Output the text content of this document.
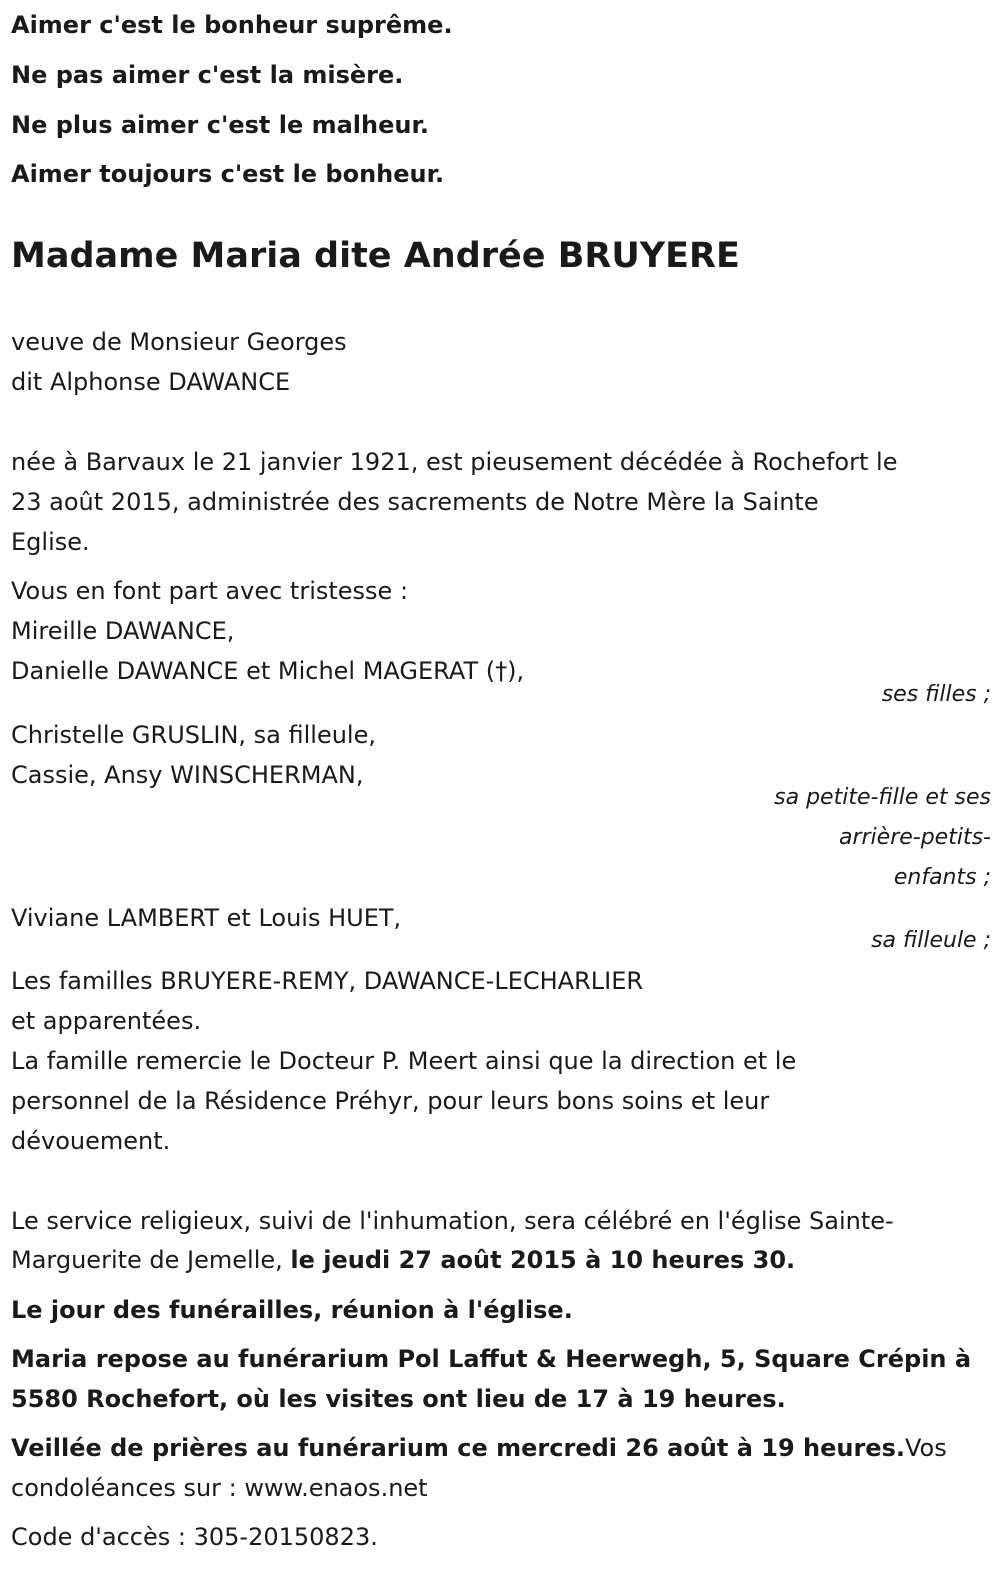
Aimer c'est le bonheur suprême.
Ne pas aimer c'est la misère.
Ne plus aimer c'est le malheur.
Aimer toujours c'est le bonheur.
Madame Maria dite Andrée BRUYERE
veuve de Monsieur Georges
dit Alphonse DAWANCE
née à Barvaux le 21 janvier 1921, est pieusement décédée à Rochefort le
23 août 2015, administrée des sacrements de Notre Mère la Sainte
Eglise.
Vous en font part avec tristesse :
Mireille DAWANCE,
Danielle DAWANCE et Michel MAGERAT (†),
ses filles ;
Christelle GRUSLIN, sa filleule,
Cassie, Ansy WINSCHERMAN,
sa petite-fille et ses
arrière-petits-
enfants ;
Viviane LAMBERT et Louis HUET,
sa filleule ;
Les familles BRUYERE-REMY, DAWANCE-LECHARLIER
et apparentées.
La famille remercie le Docteur P. Meert ainsi que la direction et le
personnel de la Résidence Préhyr, pour leurs bons soins et leur
dévouement.
Le service religieux, suivi de l'inhumation, sera célébré en l'église Sainte-
Marguerite de Jemelle, le jeudi 27 août 2015 à 10 heures 30.
Le jour des funérailles, réunion à l'église.
Maria repose au funérarium Pol Laffut & Heerwegh, 5, Square Crépin à
5580 Rochefort, où les visites ont lieu de 17 à 19 heures.
Veillée de prières au funérarium ce mercredi 26 août à 19 heures.Vos
condoléances sur : www.enaos.net
Code d'accès : 305-20150823.
